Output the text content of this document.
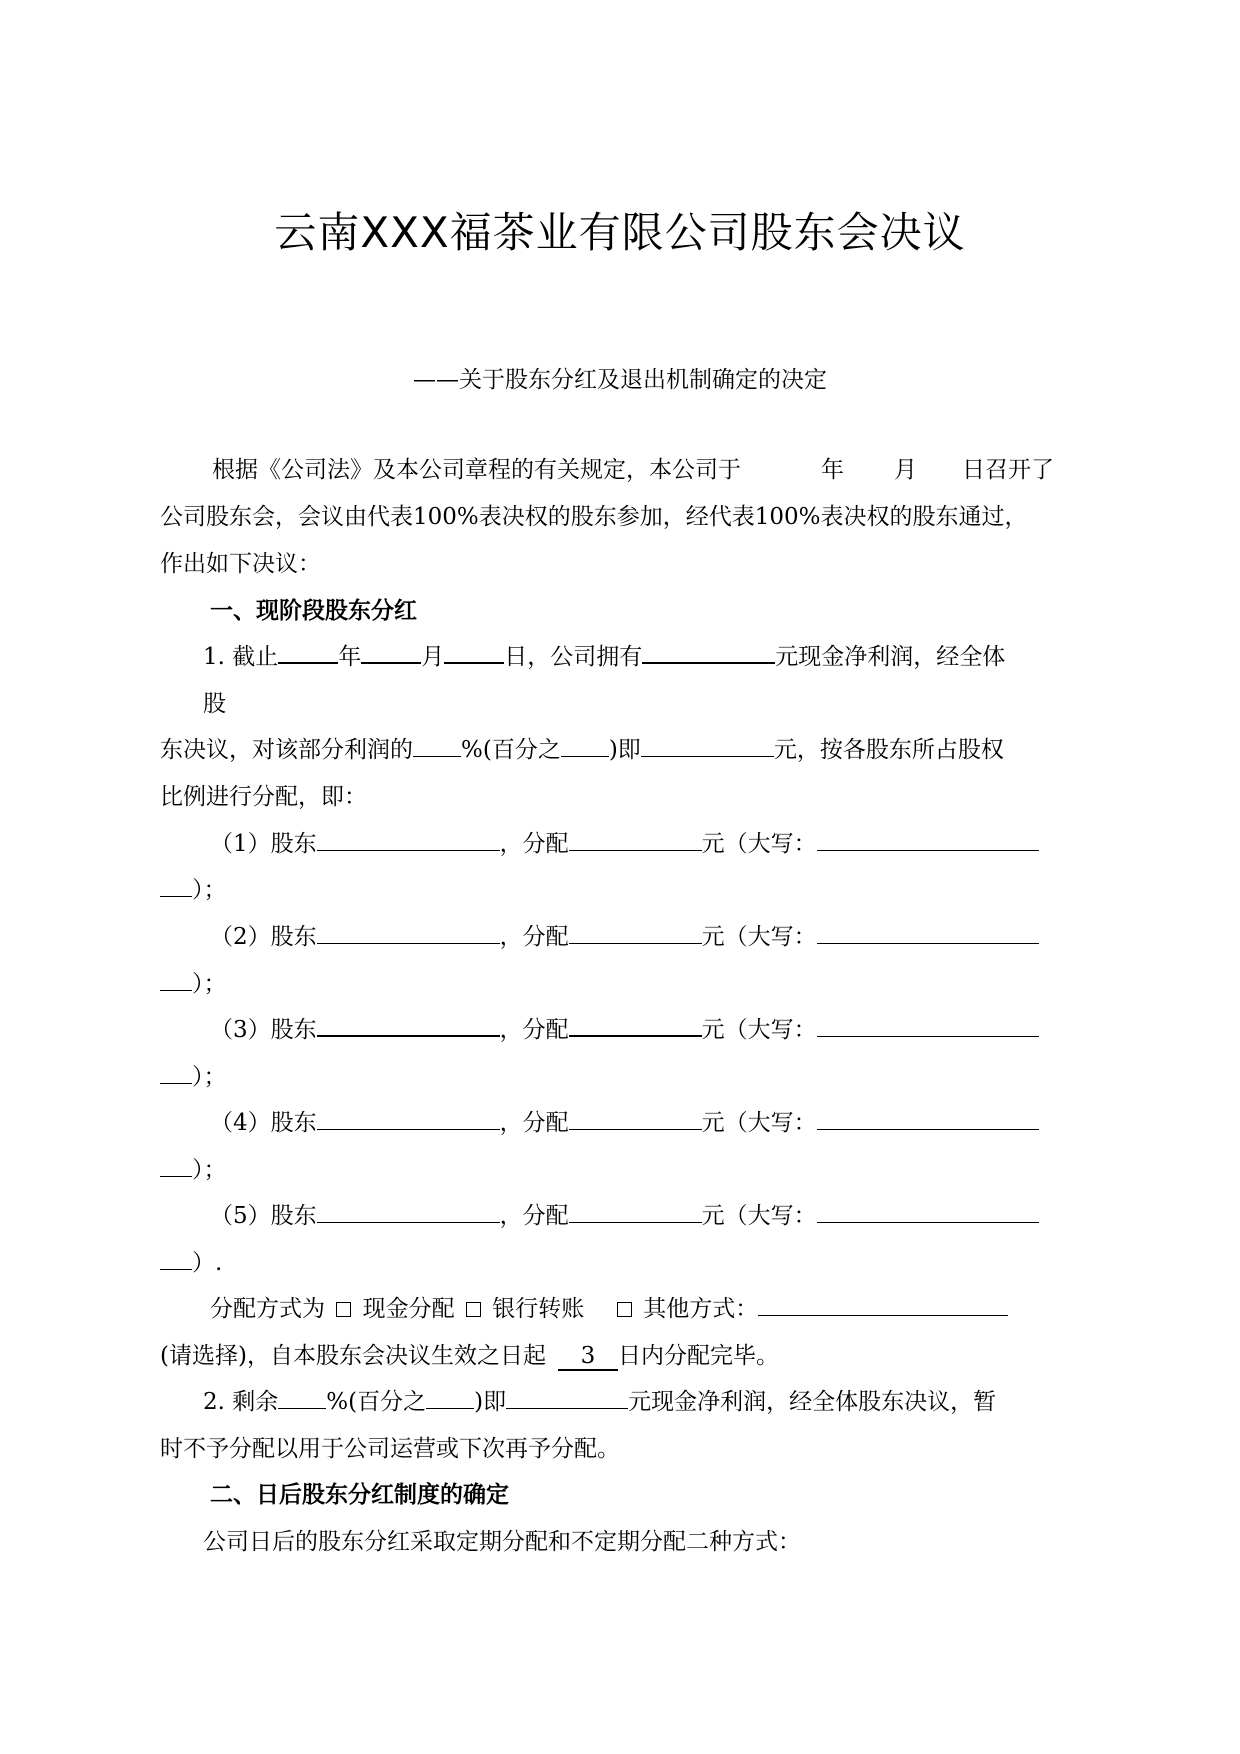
云南XXX福茶业有限公司股东会决议
——关于股东分红及退出机制确定的决定
根据《公司法》及本公司章程的有关规定，本公司于	年 月 日召开了
公司股东会，会议由代表100%表决权的股东参加，经代表100%表决权的股东通过，
作出如下决议：
一、现阶段股东分红
1. 截止	年	月	日，公司拥有	元现金净利润，经全体
股
东决议，对该部分利润的 %(百分之 )即	元，按各股东所占股权
比例进行分配，即：
（1）股东	，分配	元（大写：
）；
（2）股东	，分配	元（大写：
）；
（3）股东	，分配	元（大写：
）；
（4）股东	，分配	元（大写：
）；
（5）股东	，分配	元（大写：
）.
分配方式为 现金分配 银行转账	其他方式：
(请选择)，自本股东会决议生效之日起 3 日内分配完毕。
2. 剩余 %(百分之 )即	元现金净利润，经全体股东决议，暂
时不予分配以用于公司运营或下次再予分配。
二、日后股东分红制度的确定
公司日后的股东分红采取定期分配和不定期分配二种方式：
